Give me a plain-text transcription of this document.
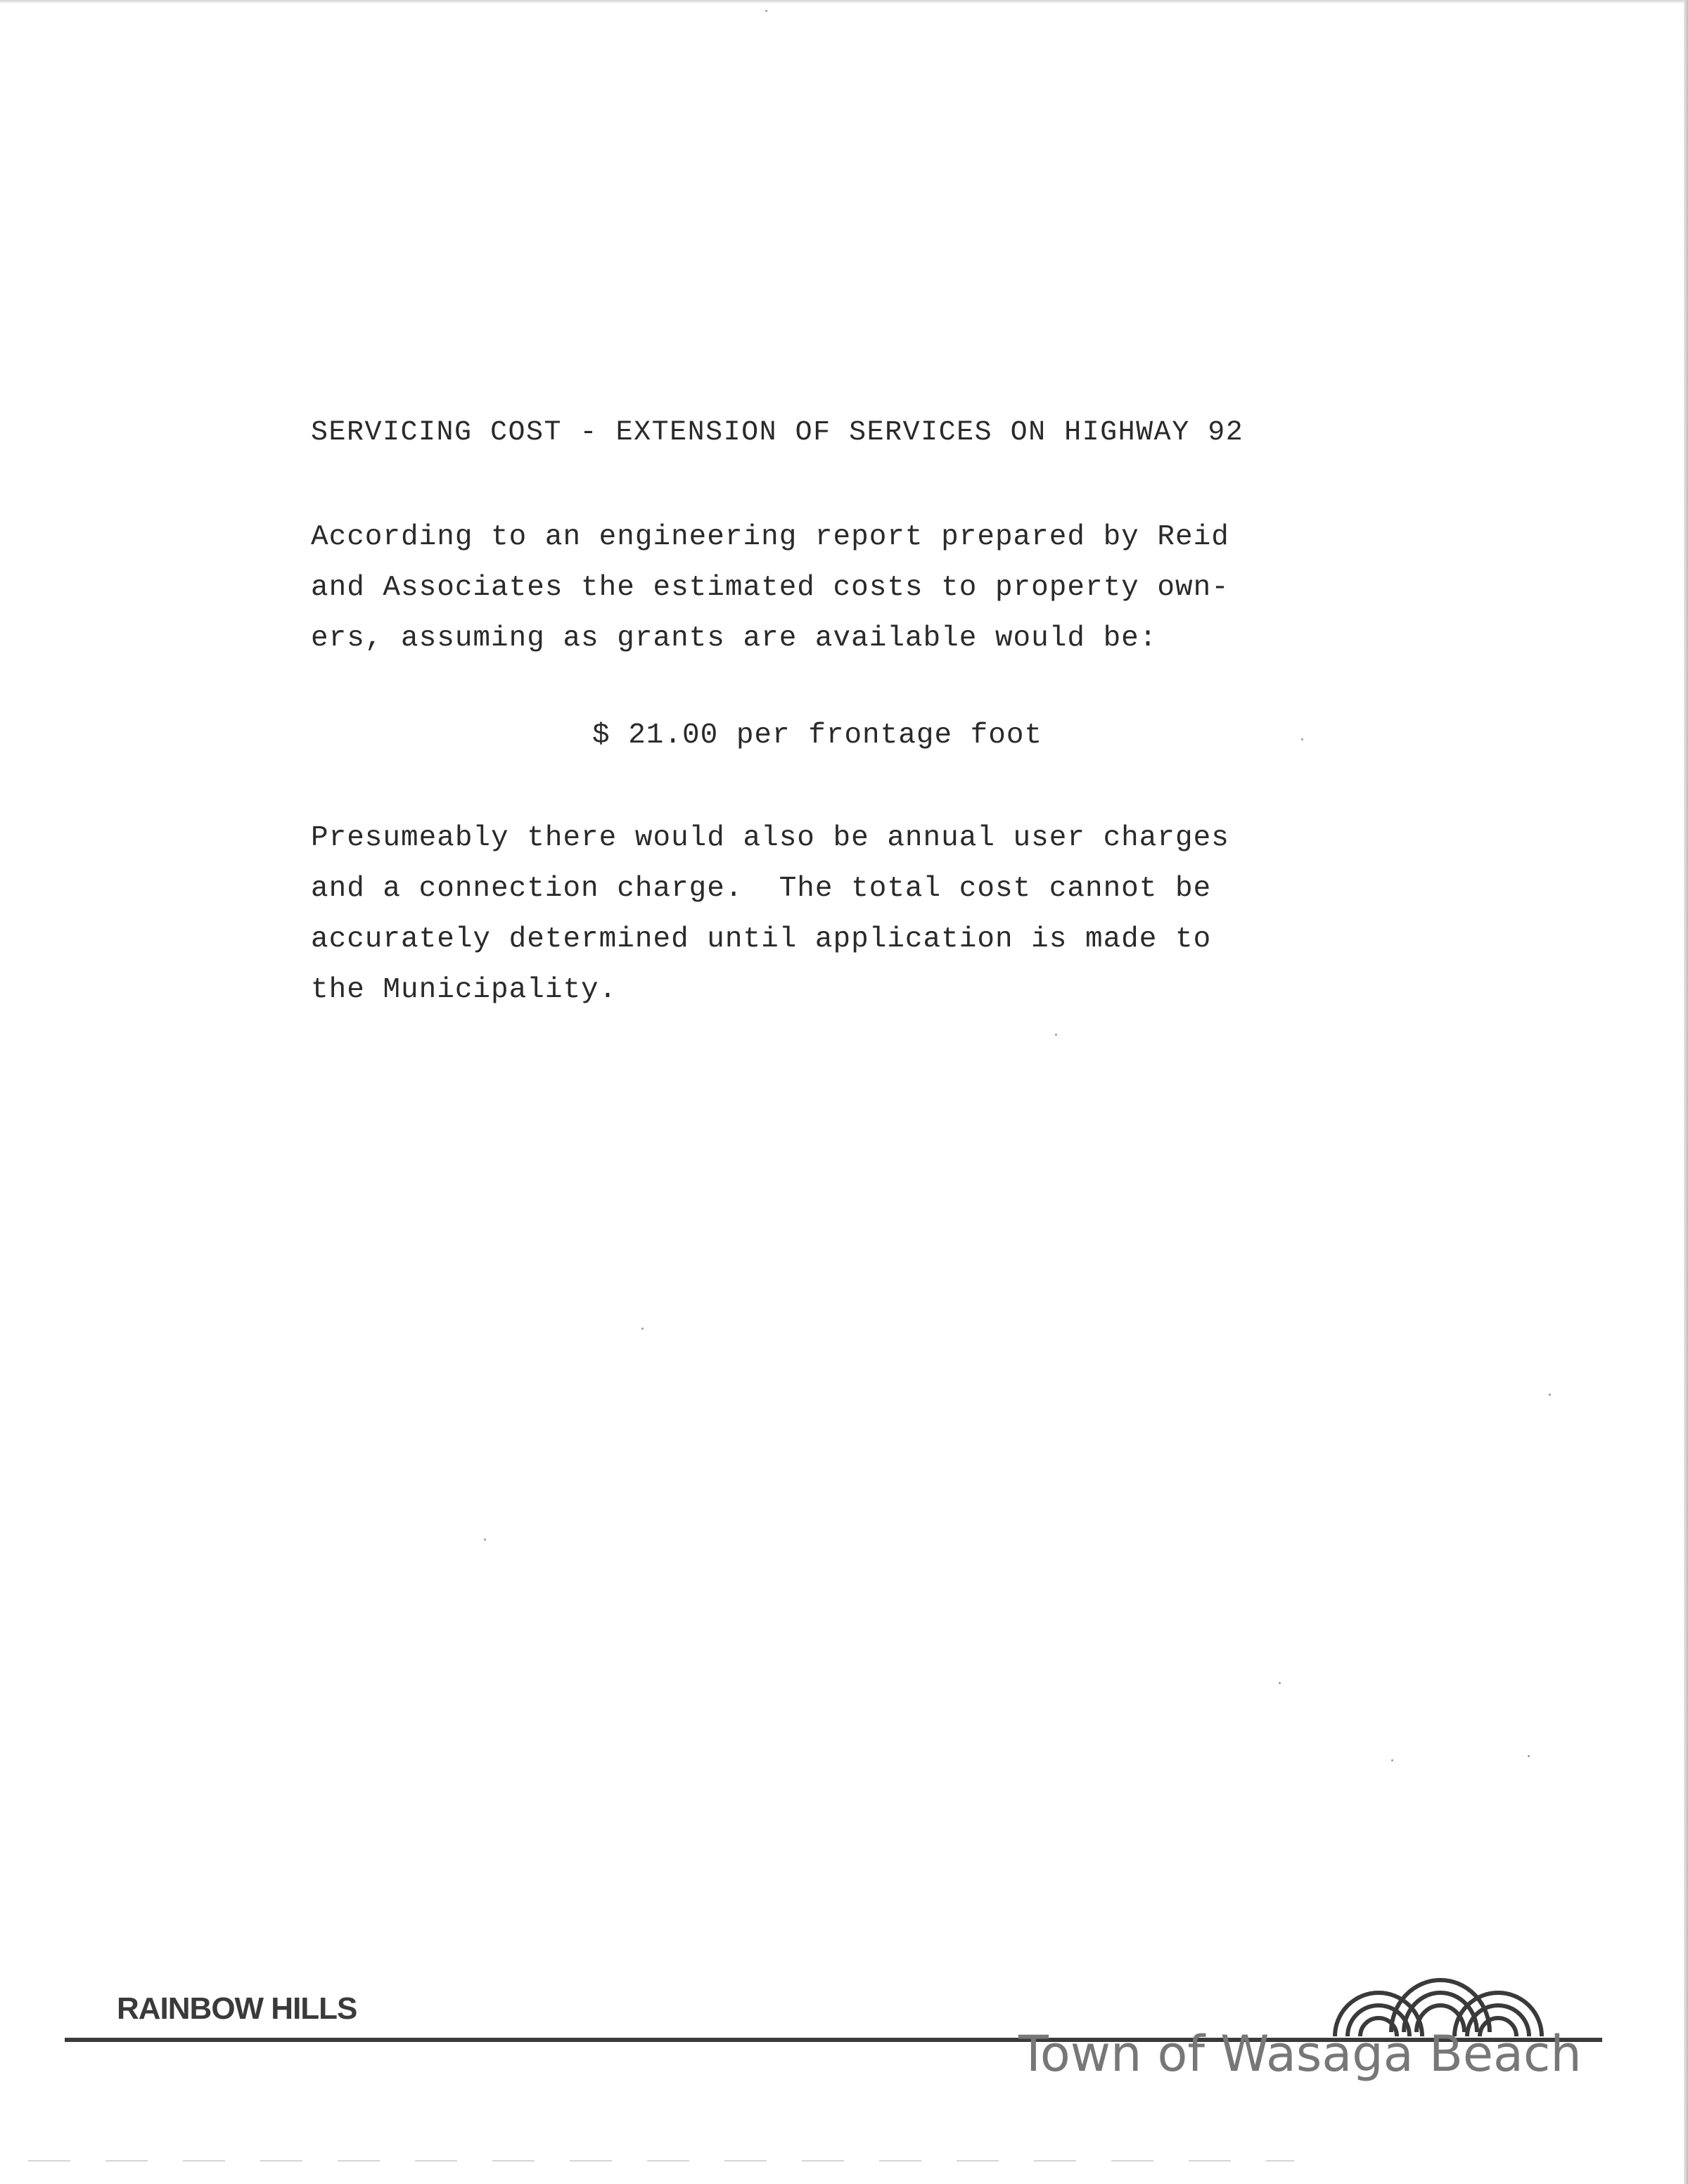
SERVICING COST - EXTENSION OF SERVICES ON HIGHWAY 92
According to an engineering report prepared by Reid
and Associates the estimated costs to property own-
ers, assuming as grants are available would be:
$ 21.00 per frontage foot
Presumeably there would also be annual user charges
and a connection charge.  The total cost cannot be
accurately determined until application is made to
the Municipality.
RAINBOW HILLS
Town of Wasaga Beach
